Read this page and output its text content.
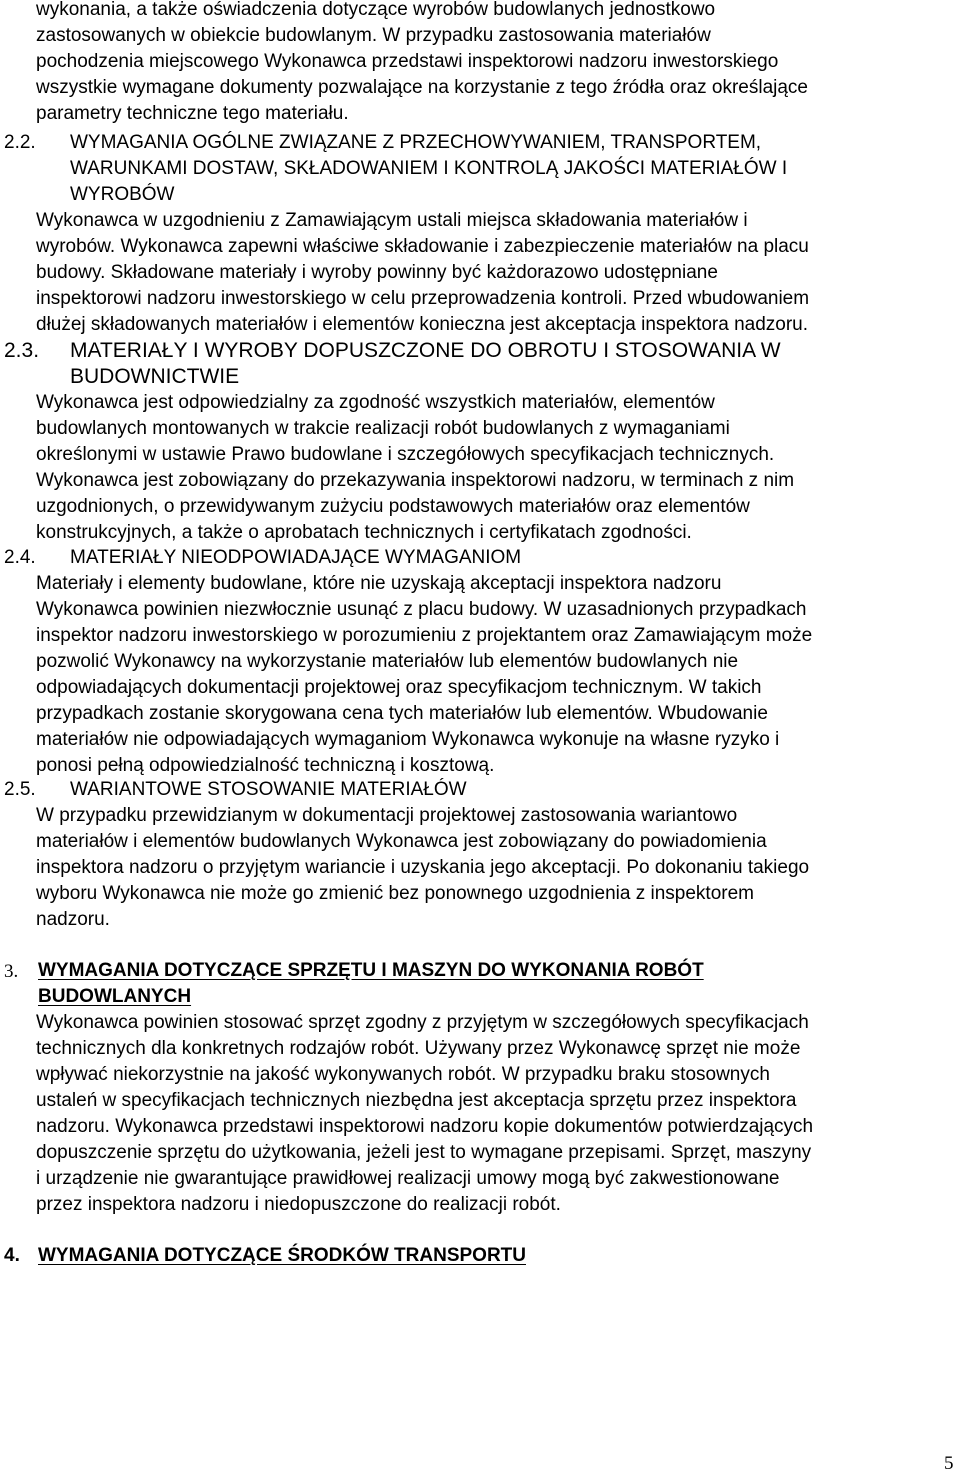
wykonania, a także oświadczenia dotyczące wyrobów budowlanych jednostkowo
zastosowanych w obiekcie budowlanym. W przypadku zastosowania materiałów
pochodzenia miejscowego Wykonawca przedstawi inspektorowi nadzoru inwestorskiego
wszystkie wymagane dokumenty pozwalające na korzystanie z tego źródła oraz określające
parametry techniczne tego materiału.
2.2. WYMAGANIA OGÓLNE ZWIĄZANE Z PRZECHOWYWANIEM, TRANSPORTEM,
WARUNKAMI DOSTAW, SKŁADOWANIEM I KONTROLĄ JAKOŚCI MATERIAŁÓW I
WYROBÓW
Wykonawca w uzgodnieniu z Zamawiającym ustali miejsca składowania materiałów i
wyrobów. Wykonawca zapewni właściwe składowanie i zabezpieczenie materiałów na placu
budowy. Składowane materiały i wyroby powinny być każdorazowo udostępniane
inspektorowi nadzoru inwestorskiego w celu przeprowadzenia kontroli. Przed wbudowaniem
dłużej składowanych materiałów i elementów konieczna jest akceptacja inspektora nadzoru.
2.3. MATERIAŁY I WYROBY DOPUSZCZONE DO OBROTU I STOSOWANIA W
BUDOWNICTWIE
Wykonawca jest odpowiedzialny za zgodność wszystkich materiałów, elementów
budowlanych montowanych w trakcie realizacji robót budowlanych z wymaganiami
określonymi w ustawie Prawo budowlane i szczegółowych specyfikacjach technicznych.
Wykonawca jest zobowiązany do przekazywania inspektorowi nadzoru, w terminach z nim
uzgodnionych, o przewidywanym zużyciu podstawowych materiałów oraz elementów
konstrukcyjnych, a także o aprobatach technicznych i certyfikatach zgodności.
2.4. MATERIAŁY NIEODPOWIADAJĄCE WYMAGANIOM
Materiały i elementy budowlane, które nie uzyskają akceptacji inspektora nadzoru
Wykonawca powinien niezwłocznie usunąć z placu budowy. W uzasadnionych przypadkach
inspektor nadzoru inwestorskiego w porozumieniu z projektantem oraz Zamawiającym może
pozwolić Wykonawcy na wykorzystanie materiałów lub elementów budowlanych nie
odpowiadających dokumentacji projektowej oraz specyfikacjom technicznym. W takich
przypadkach zostanie skorygowana cena tych materiałów lub elementów. Wbudowanie
materiałów nie odpowiadających wymaganiom Wykonawca wykonuje na własne ryzyko i
ponosi pełną odpowiedzialność techniczną i kosztową.
2.5. WARIANTOWE STOSOWANIE MATERIAŁÓW
W przypadku przewidzianym w dokumentacji projektowej zastosowania wariantowo
materiałów i elementów budowlanych Wykonawca jest zobowiązany do powiadomienia
inspektora nadzoru o przyjętym wariancie i uzyskania jego akceptacji. Po dokonaniu takiego
wyboru Wykonawca nie może go zmienić bez ponownego uzgodnienia z inspektorem
nadzoru.
3. WYMAGANIA DOTYCZĄCE SPRZĘTU I MASZYN DO WYKONANIA ROBÓT
BUDOWLANYCH
Wykonawca powinien stosować sprzęt zgodny z przyjętym w szczegółowych specyfikacjach
technicznych dla konkretnych rodzajów robót. Używany przez Wykonawcę sprzęt nie może
wpływać niekorzystnie na jakość wykonywanych robót. W przypadku braku stosownych
ustaleń w specyfikacjach technicznych niezbędna jest akceptacja sprzętu przez inspektora
nadzoru. Wykonawca przedstawi inspektorowi nadzoru kopie dokumentów potwierdzających
dopuszczenie sprzętu do użytkowania, jeżeli jest to wymagane przepisami. Sprzęt, maszyny
i urządzenie nie gwarantujące prawidłowej realizacji umowy mogą być zakwestionowane
przez inspektora nadzoru i niedopuszczone do realizacji robót.
4. WYMAGANIA DOTYCZĄCE ŚRODKÓW TRANSPORTU
5
